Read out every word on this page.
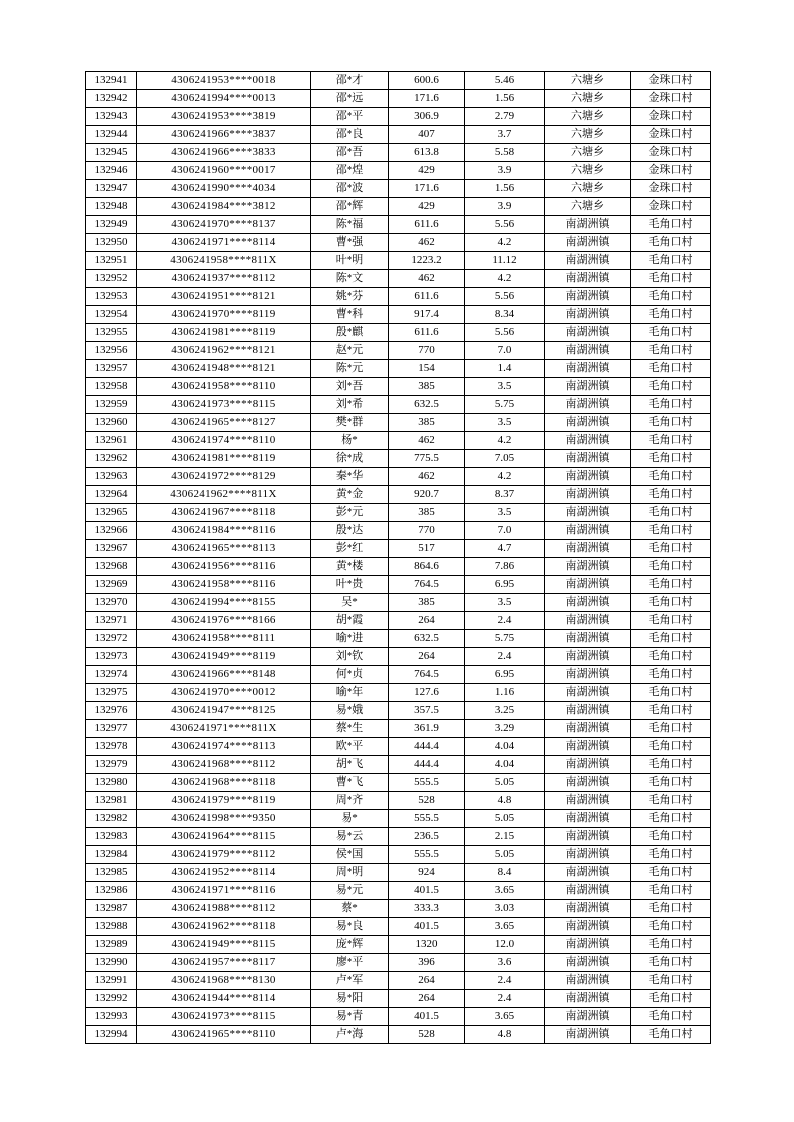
132941	4306241953****0018	邵*才	600.6	5.46	六塘乡	金珠口村
132942	4306241994****0013	邵*远	171.6	1.56	六塘乡	金珠口村
132943	4306241953****3819	邵*平	306.9	2.79	六塘乡	金珠口村
132944	4306241966****3837	邵*良	407	3.7	六塘乡	金珠口村
132945	4306241966****3833	邵*吾	613.8	5.58	六塘乡	金珠口村
132946	4306241960****0017	邵*煌	429	3.9	六塘乡	金珠口村
132947	4306241990****4034	邵*波	171.6	1.56	六塘乡	金珠口村
132948	4306241984****3812	邵*辉	429	3.9	六塘乡	金珠口村
132949	4306241970****8137	陈*福	611.6	5.56	南湖洲镇	毛角口村
132950	4306241971****8114	曹*强	462	4.2	南湖洲镇	毛角口村
132951	4306241958****811X	叶*明	1223.2	11.12	南湖洲镇	毛角口村
132952	4306241937****8112	陈*文	462	4.2	南湖洲镇	毛角口村
132953	4306241951****8121	姚*芬	611.6	5.56	南湖洲镇	毛角口村
132954	4306241970****8119	曹*科	917.4	8.34	南湖洲镇	毛角口村
132955	4306241981****8119	殷*麒	611.6	5.56	南湖洲镇	毛角口村
132956	4306241962****8121	赵*元	770	7.0	南湖洲镇	毛角口村
132957	4306241948****8121	陈*元	154	1.4	南湖洲镇	毛角口村
132958	4306241958****8110	刘*吾	385	3.5	南湖洲镇	毛角口村
132959	4306241973****8115	刘*希	632.5	5.75	南湖洲镇	毛角口村
132960	4306241965****8127	樊*群	385	3.5	南湖洲镇	毛角口村
132961	4306241974****8110	杨*	462	4.2	南湖洲镇	毛角口村
132962	4306241981****8119	徐*成	775.5	7.05	南湖洲镇	毛角口村
132963	4306241972****8129	秦*华	462	4.2	南湖洲镇	毛角口村
132964	4306241962****811X	黄*金	920.7	8.37	南湖洲镇	毛角口村
132965	4306241967****8118	彭*元	385	3.5	南湖洲镇	毛角口村
132966	4306241984****8116	殷*达	770	7.0	南湖洲镇	毛角口村
132967	4306241965****8113	彭*红	517	4.7	南湖洲镇	毛角口村
132968	4306241956****8116	黄*楼	864.6	7.86	南湖洲镇	毛角口村
132969	4306241958****8116	叶*贵	764.5	6.95	南湖洲镇	毛角口村
132970	4306241994****8155	吴*	385	3.5	南湖洲镇	毛角口村
132971	4306241976****8166	胡*霞	264	2.4	南湖洲镇	毛角口村
132972	4306241958****8111	喻*进	632.5	5.75	南湖洲镇	毛角口村
132973	4306241949****8119	刘*钦	264	2.4	南湖洲镇	毛角口村
132974	4306241966****8148	何*贞	764.5	6.95	南湖洲镇	毛角口村
132975	4306241970****0012	喻*年	127.6	1.16	南湖洲镇	毛角口村
132976	4306241947****8125	易*娥	357.5	3.25	南湖洲镇	毛角口村
132977	4306241971****811X	蔡*生	361.9	3.29	南湖洲镇	毛角口村
132978	4306241974****8113	欧*平	444.4	4.04	南湖洲镇	毛角口村
132979	4306241968****8112	胡*飞	444.4	4.04	南湖洲镇	毛角口村
132980	4306241968****8118	曹*飞	555.5	5.05	南湖洲镇	毛角口村
132981	4306241979****8119	周*齐	528	4.8	南湖洲镇	毛角口村
132982	4306241998****9350	易*	555.5	5.05	南湖洲镇	毛角口村
132983	4306241964****8115	易*云	236.5	2.15	南湖洲镇	毛角口村
132984	4306241979****8112	侯*国	555.5	5.05	南湖洲镇	毛角口村
132985	4306241952****8114	周*明	924	8.4	南湖洲镇	毛角口村
132986	4306241971****8116	易*元	401.5	3.65	南湖洲镇	毛角口村
132987	4306241988****8112	蔡*	333.3	3.03	南湖洲镇	毛角口村
132988	4306241962****8118	易*良	401.5	3.65	南湖洲镇	毛角口村
132989	4306241949****8115	庞*辉	1320	12.0	南湖洲镇	毛角口村
132990	4306241957****8117	廖*平	396	3.6	南湖洲镇	毛角口村
132991	4306241968****8130	卢*军	264	2.4	南湖洲镇	毛角口村
132992	4306241944****8114	易*阳	264	2.4	南湖洲镇	毛角口村
132993	4306241973****8115	易*青	401.5	3.65	南湖洲镇	毛角口村
132994	4306241965****8110	卢*海	528	4.8	南湖洲镇	毛角口村
